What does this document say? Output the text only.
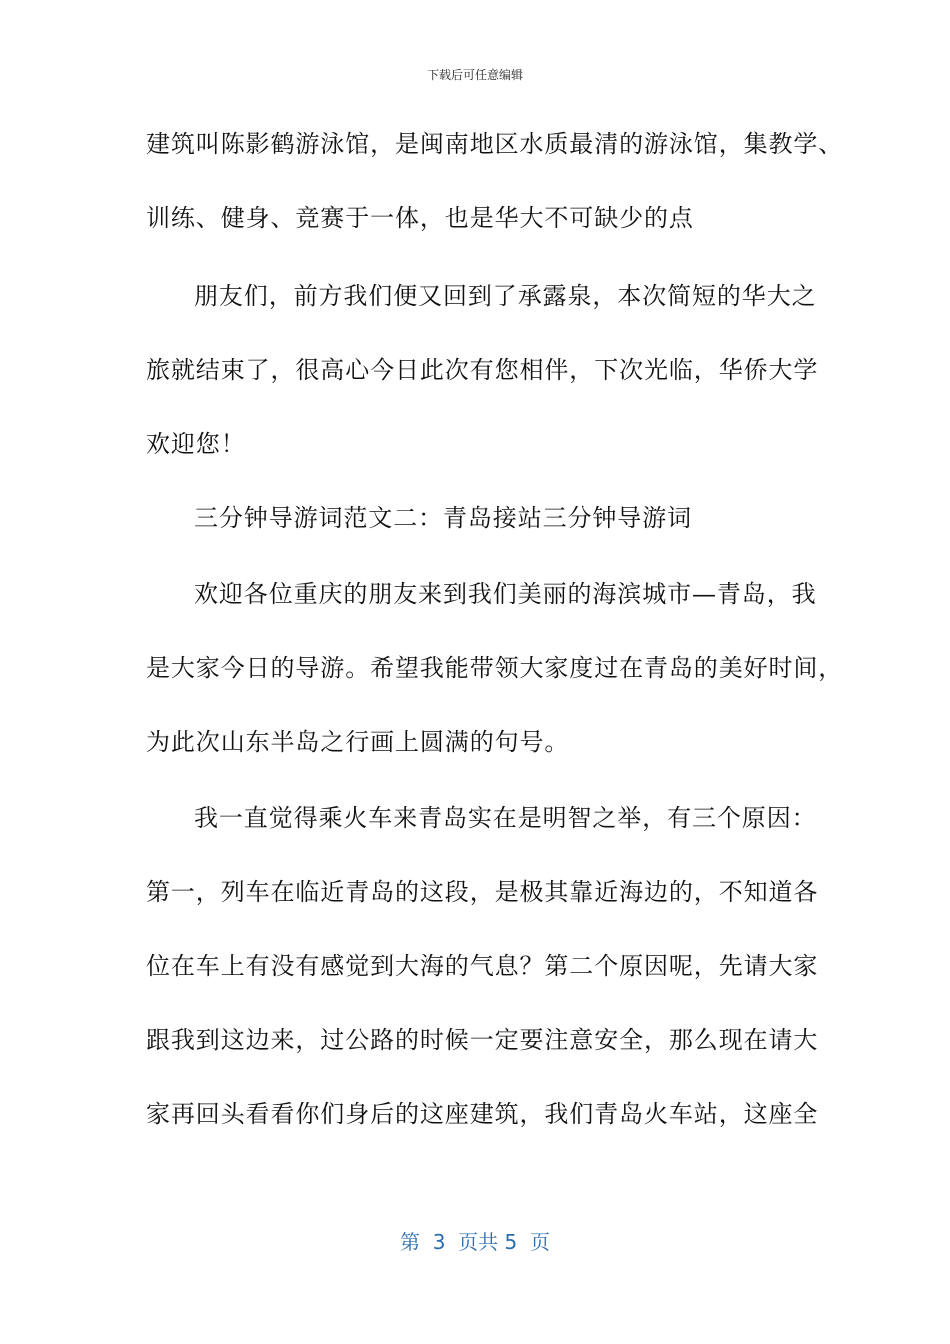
下载后可任意编辑
建筑叫陈影鹤游泳馆，是闽南地区水质最清的游泳馆，集教学、
训练、健身、竞赛于一体，也是华大不可缺少的点
朋友们，前方我们便又回到了承露泉，本次简短的华大之
旅就结束了，很高心今日此次有您相伴，下次光临，华侨大学
欢迎您！
三分钟导游词范文二：青岛接站三分钟导游词
欢迎各位重庆的朋友来到我们美丽的海滨城市—青岛，我
是大家今日的导游。希望我能带领大家度过在青岛的美好时间，
为此次山东半岛之行画上圆满的句号。
我一直觉得乘火车来青岛实在是明智之举，有三个原因：
第一，列车在临近青岛的这段，是极其靠近海边的，不知道各
位在车上有没有感觉到大海的气息？第二个原因呢，先请大家
跟我到这边来，过公路的时候一定要注意安全，那么现在请大
家再回头看看你们身后的这座建筑，我们青岛火车站，这座全
第  3  页共 5  页
